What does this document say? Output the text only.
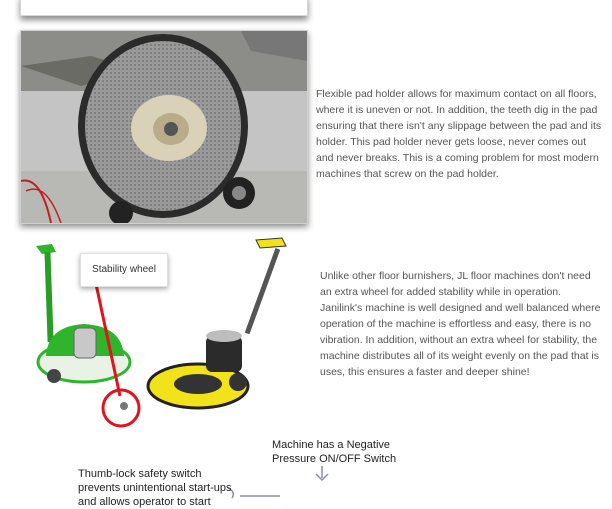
Flexible pad holder allows for maximum contact on all floors, where it is uneven or not. In addition, the teeth dig in the pad ensuring that there isn't any slippage between the pad and its holder. This pad holder never gets loose, never comes out and never breaks. This is a coming problem for most modern machines that screw on the pad holder.

Stability wheel

Unlike other floor burnishers, JL floor machines don't need an extra wheel for added stability while in operation. Janilink's machine is well designed and well balanced where operation of the machine is effortless and easy, there is no vibration. In addition, without an extra wheel for stability, the machine distributes all of its weight evenly on the pad that is uses, this ensures a faster and deeper shine!

Machine has a Negative Pressure ON/OFF Switch
Thumb-lock safety switch prevents unintentional start-ups and allows operator to start
